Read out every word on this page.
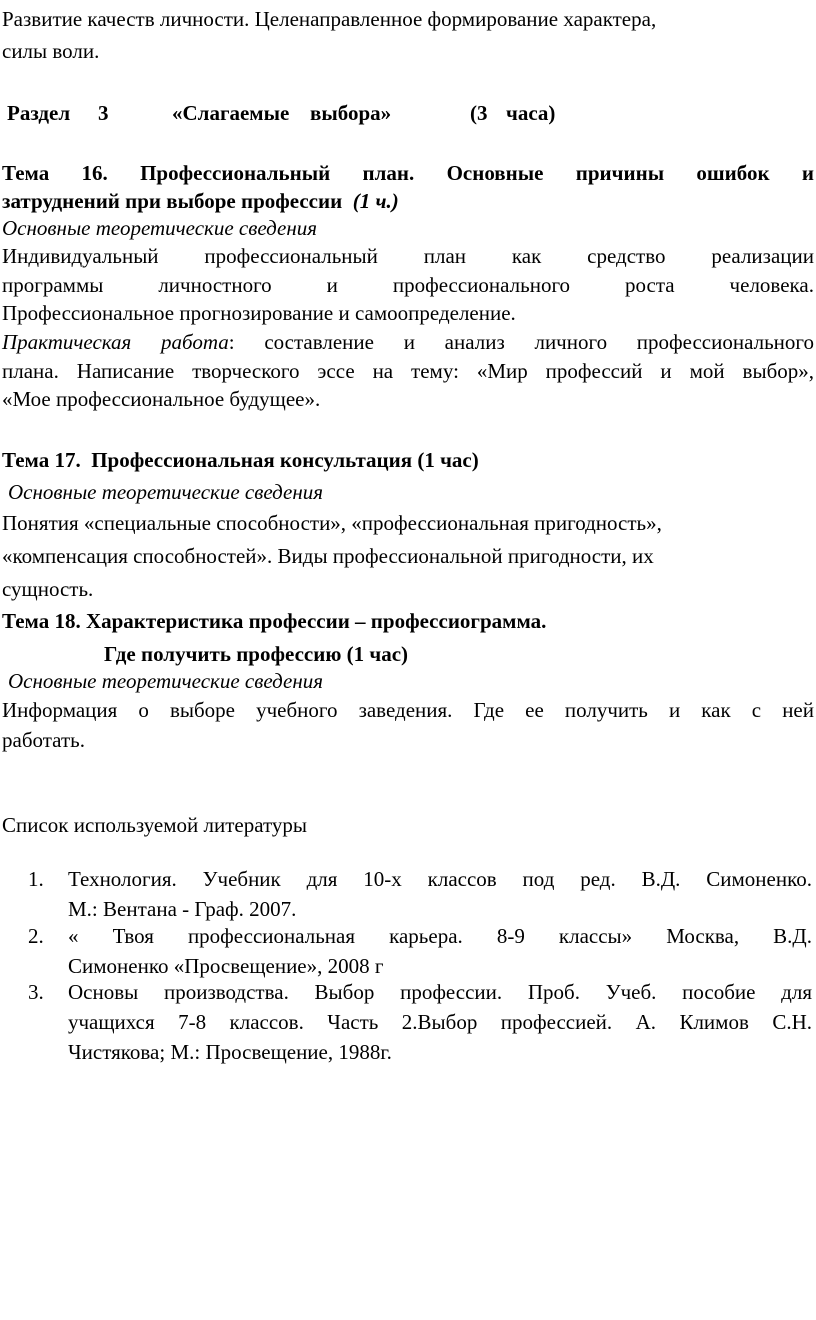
Развитие качеств личности. Целенаправленное формирование характера,
силы воли.
Раздел 3	«Слагаемые выбора»	(3 часа)
Тема 16. Профессиональный план. Основные причины ошибок и
затруднений при выборе профессии (1 ч.)
Основные теоретические сведения
Индивидуальный профессиональный план как средство реализации
программы личностного и профессионального роста человека.
Профессиональное прогнозирование и самоопределение.
Практическая работа: составление и анализ личного профессионального
плана. Написание творческого эссе на тему: «Мир профессий и мой выбор»,
«Мое профессиональное будущее».
Тема 17.  Профессиональная консультация (1 час)
Основные теоретические сведения
Понятия «специальные способности», «профессиональная пригодность»,
«компенсация способностей». Виды профессиональной пригодности, их
сущность.
Тема 18. Характеристика профессии – профессиограмма.
Где получить профессию (1 час)
Основные теоретические сведения
Информация о выборе учебного заведения. Где ее получить и как с ней
работать.
Список используемой литературы
1.	Технология. Учебник для 10-х классов под ред. В.Д. Симоненко.
М.: Вентана - Граф. 2007.
2.	« Твоя профессиональная карьера. 8-9 классы» Москва, В.Д.
Симоненко «Просвещение», 2008 г
3.	Основы производства. Выбор профессии. Проб. Учеб. пособие для
учащихся 7-8 классов. Часть 2.Выбор профессией. А. Климов С.Н.
Чистякова; М.: Просвещение, 1988г.
